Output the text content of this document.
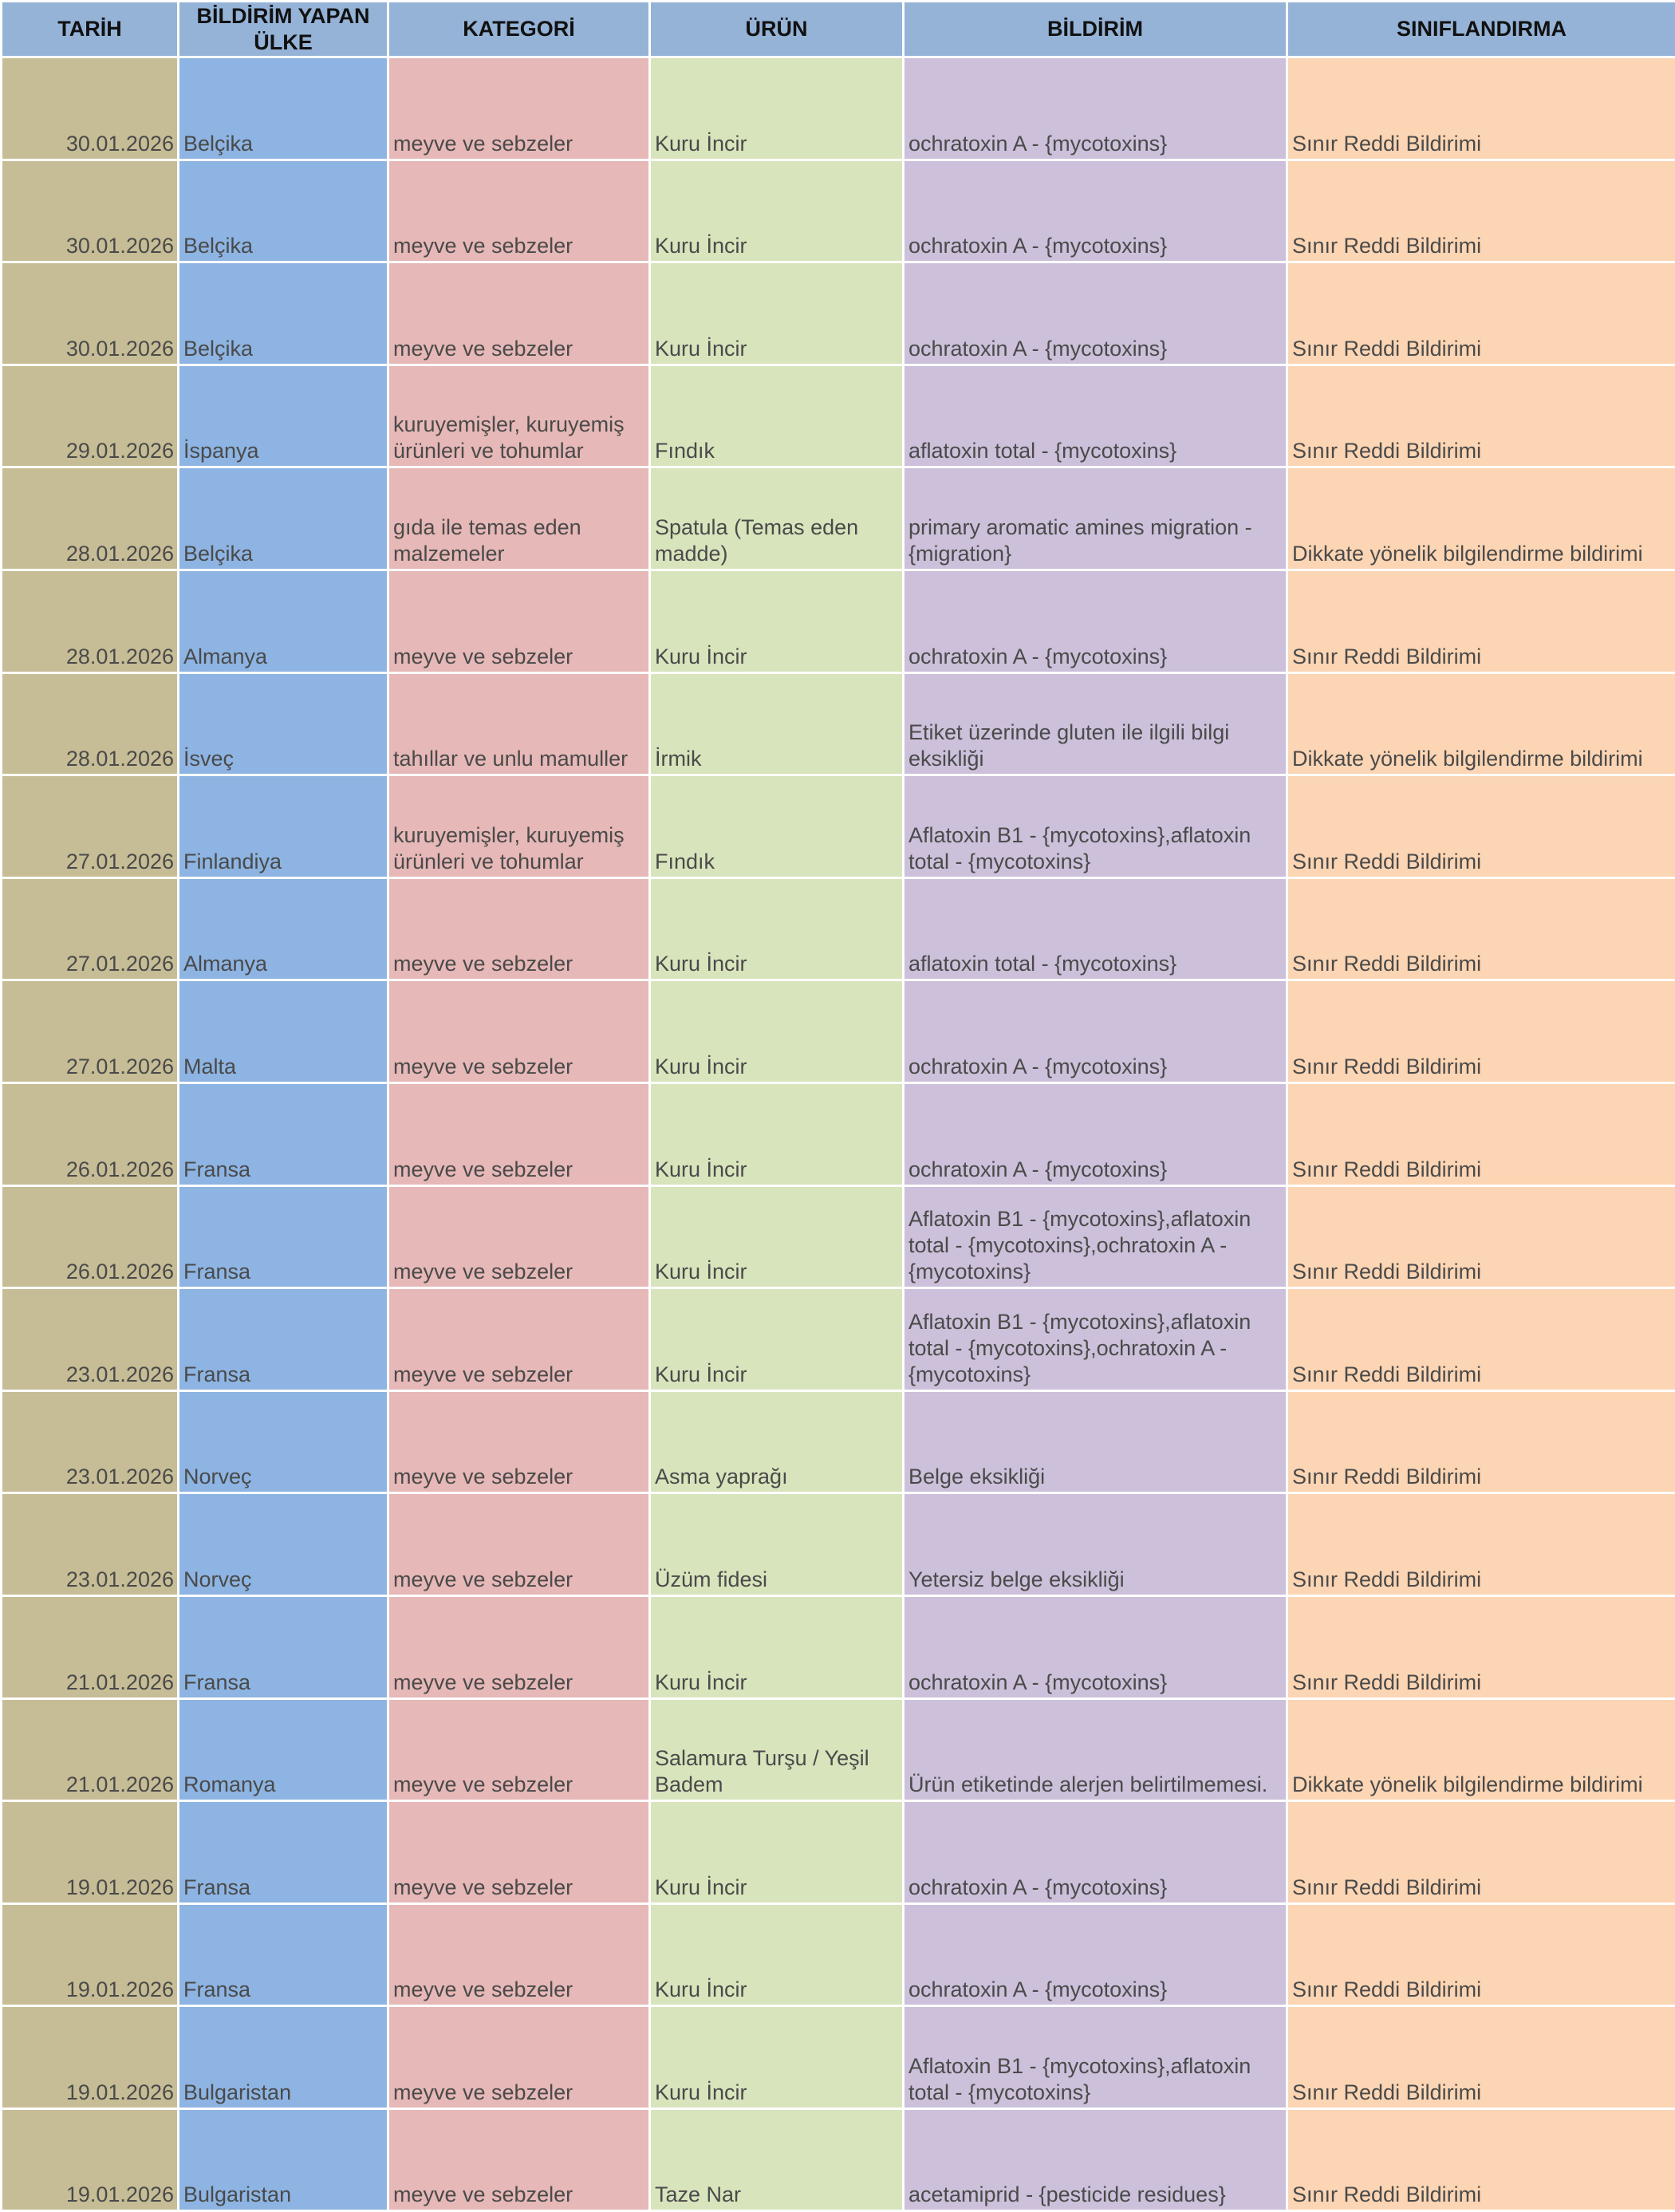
TARİH	BİLDİRİM YAPAN ÜLKE	KATEGORİ	ÜRÜN	BİLDİRİM	SINIFLANDIRMA
30.01.2026	Belçika	meyve ve sebzeler	Kuru İncir	ochratoxin A - {mycotoxins}	Sınır Reddi Bildirimi
30.01.2026	Belçika	meyve ve sebzeler	Kuru İncir	ochratoxin A - {mycotoxins}	Sınır Reddi Bildirimi
30.01.2026	Belçika	meyve ve sebzeler	Kuru İncir	ochratoxin A - {mycotoxins}	Sınır Reddi Bildirimi
29.01.2026	İspanya	kuruyemişler, kuruyemiş
ürünleri ve tohumlar	Fındık	aflatoxin total - {mycotoxins}	Sınır Reddi Bildirimi
28.01.2026	Belçika	gıda ile temas eden
malzemeler	Spatula (Temas eden
madde)	primary aromatic amines migration -
{migration}	Dikkate yönelik bilgilendirme bildirimi
28.01.2026	Almanya	meyve ve sebzeler	Kuru İncir	ochratoxin A - {mycotoxins}	Sınır Reddi Bildirimi
28.01.2026	İsveç	tahıllar ve unlu mamuller	İrmik	Etiket üzerinde gluten ile ilgili bilgi
eksikliği	Dikkate yönelik bilgilendirme bildirimi
27.01.2026	Finlandiya	kuruyemişler, kuruyemiş
ürünleri ve tohumlar	Fındık	Aflatoxin B1 - {mycotoxins},aflatoxin
total - {mycotoxins}	Sınır Reddi Bildirimi
27.01.2026	Almanya	meyve ve sebzeler	Kuru İncir	aflatoxin total - {mycotoxins}	Sınır Reddi Bildirimi
27.01.2026	Malta	meyve ve sebzeler	Kuru İncir	ochratoxin A - {mycotoxins}	Sınır Reddi Bildirimi
26.01.2026	Fransa	meyve ve sebzeler	Kuru İncir	ochratoxin A - {mycotoxins}	Sınır Reddi Bildirimi
26.01.2026	Fransa	meyve ve sebzeler	Kuru İncir	Aflatoxin B1 - {mycotoxins},aflatoxin
total - {mycotoxins},ochratoxin A -
{mycotoxins}	Sınır Reddi Bildirimi
23.01.2026	Fransa	meyve ve sebzeler	Kuru İncir	Aflatoxin B1 - {mycotoxins},aflatoxin
total - {mycotoxins},ochratoxin A -
{mycotoxins}	Sınır Reddi Bildirimi
23.01.2026	Norveç	meyve ve sebzeler	Asma yaprağı	Belge eksikliği	Sınır Reddi Bildirimi
23.01.2026	Norveç	meyve ve sebzeler	Üzüm fidesi	Yetersiz belge eksikliği	Sınır Reddi Bildirimi
21.01.2026	Fransa	meyve ve sebzeler	Kuru İncir	ochratoxin A - {mycotoxins}	Sınır Reddi Bildirimi
21.01.2026	Romanya	meyve ve sebzeler	Salamura Turşu / Yeşil
Badem	Ürün etiketinde alerjen belirtilmemesi.	Dikkate yönelik bilgilendirme bildirimi
19.01.2026	Fransa	meyve ve sebzeler	Kuru İncir	ochratoxin A - {mycotoxins}	Sınır Reddi Bildirimi
19.01.2026	Fransa	meyve ve sebzeler	Kuru İncir	ochratoxin A - {mycotoxins}	Sınır Reddi Bildirimi
19.01.2026	Bulgaristan	meyve ve sebzeler	Kuru İncir	Aflatoxin B1 - {mycotoxins},aflatoxin
total - {mycotoxins}	Sınır Reddi Bildirimi
19.01.2026	Bulgaristan	meyve ve sebzeler	Taze Nar	acetamiprid - {pesticide residues}	Sınır Reddi Bildirimi
